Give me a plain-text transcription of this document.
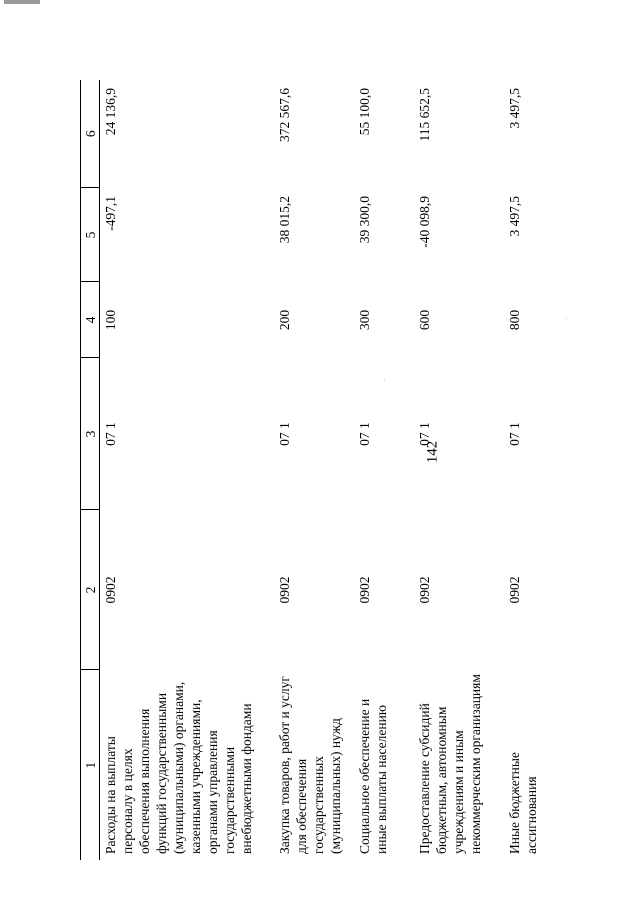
142
1	2	3	4	5	6
Расходы на выплаты персоналу в целях обеспечения выполнения функций государственными (муниципальными) органами, казенными учреждениями, органами управления государственными внебюджетными фондами	0902	07 1	100	-497,1	24 136,9
Закупка товаров, работ и услуг для обеспечения государственных (муниципальных) нужд	0902	07 1	200	38 015,2	372 567,6
Социальное обеспечение и иные выплаты населению	0902	07 1	300	39 300,0	55 100,0
Предоставление субсидий бюджетным, автономным учреждениям и иным некоммерческим организациям	0902	07 1	600	-40 098,9	115 652,5
Иные бюджетные ассигнования	0902	07 1	800	3 497,5	3 497,5
